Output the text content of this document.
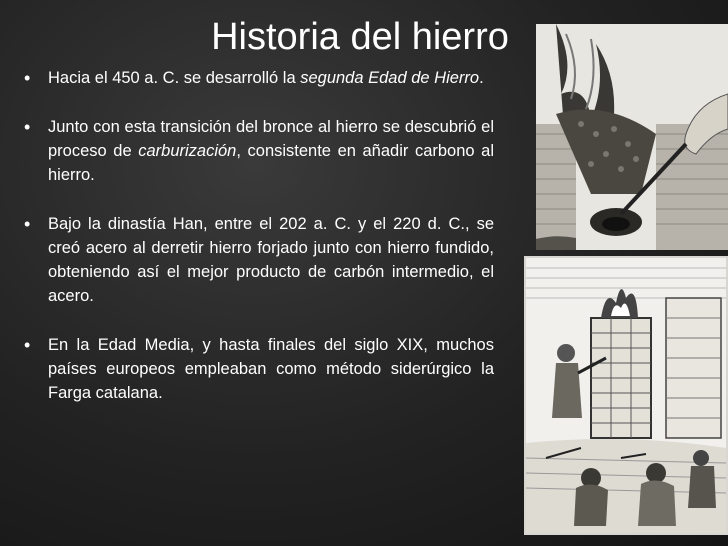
Historia del hierro
• Hacia el 450 a. C. se desarrolló la segunda Edad de Hierro.
• Junto con esta transición del bronce al hierro se descubrió el proceso de carburización, consistente en añadir carbono al hierro.
• Bajo la dinastía Han, entre el 202 a. C. y el 220 d. C., se creó acero al derretir hierro forjado junto con hierro fundido, obteniendo así el mejor producto de carbón intermedio, el acero.
• En la Edad Media, y hasta finales del siglo XIX, muchos países europeos empleaban como método siderúrgico la Farga catalana.
